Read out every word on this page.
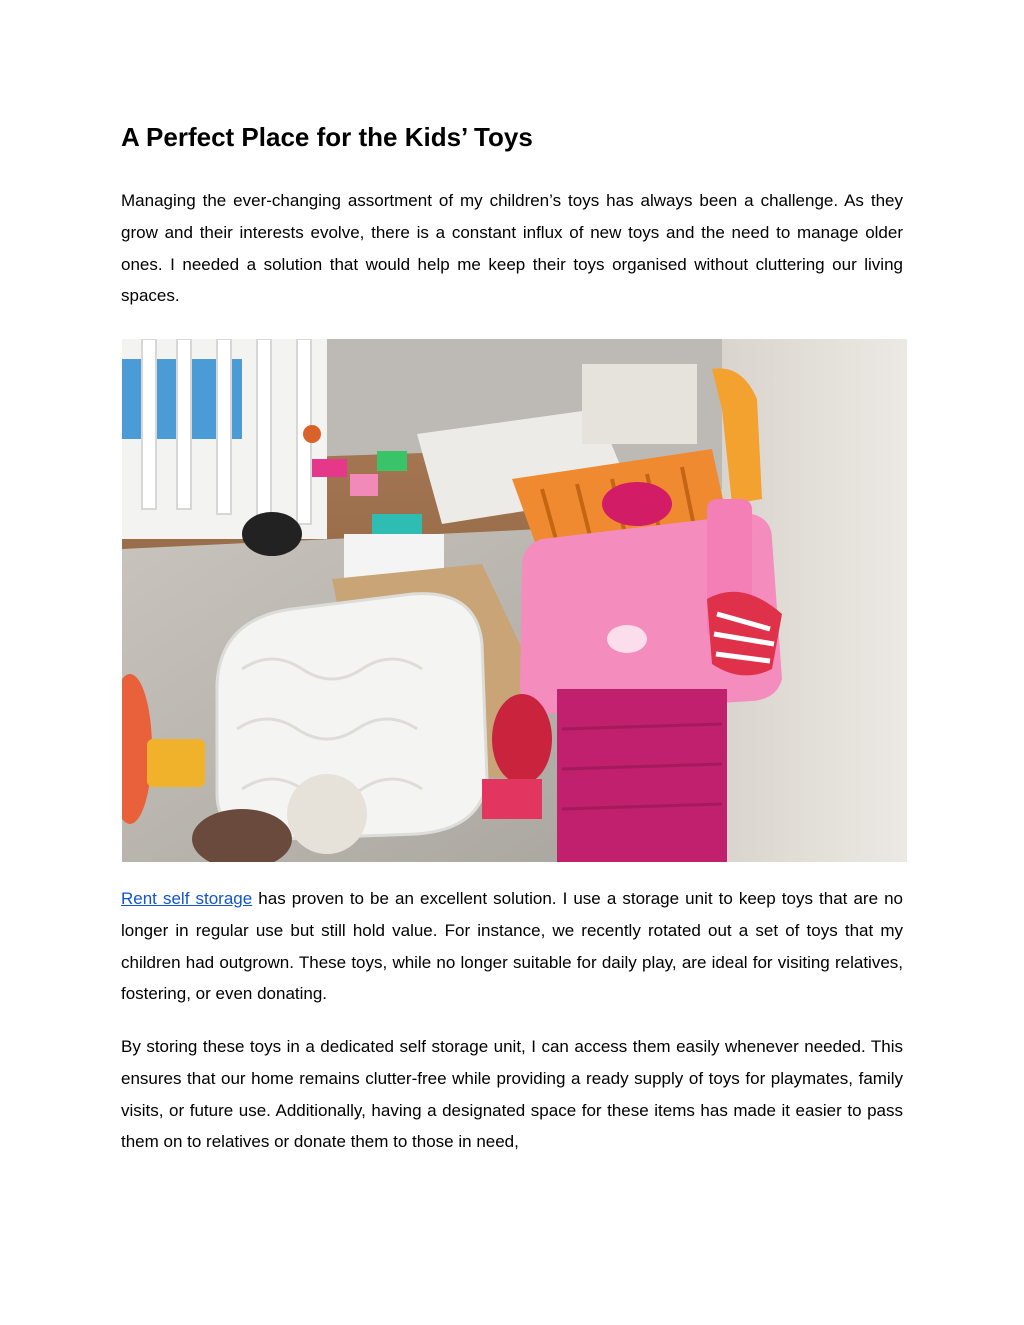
A Perfect Place for the Kids’ Toys

Managing the ever-changing assortment of my children’s toys has always been a challenge. As they grow and their interests evolve, there is a constant influx of new toys and the need to manage older ones. I needed a solution that would help me keep their toys organised without cluttering our living spaces.

Rent self storage has proven to be an excellent solution. I use a storage unit to keep toys that are no longer in regular use but still hold value. For instance, we recently rotated out a set of toys that my children had outgrown. These toys, while no longer suitable for daily play, are ideal for visiting relatives, fostering, or even donating.

By storing these toys in a dedicated self storage unit, I can access them easily whenever needed. This ensures that our home remains clutter-free while providing a ready supply of toys for playmates, family visits, or future use. Additionally, having a designated space for these items has made it easier to pass them on to relatives or donate them to those in need,
